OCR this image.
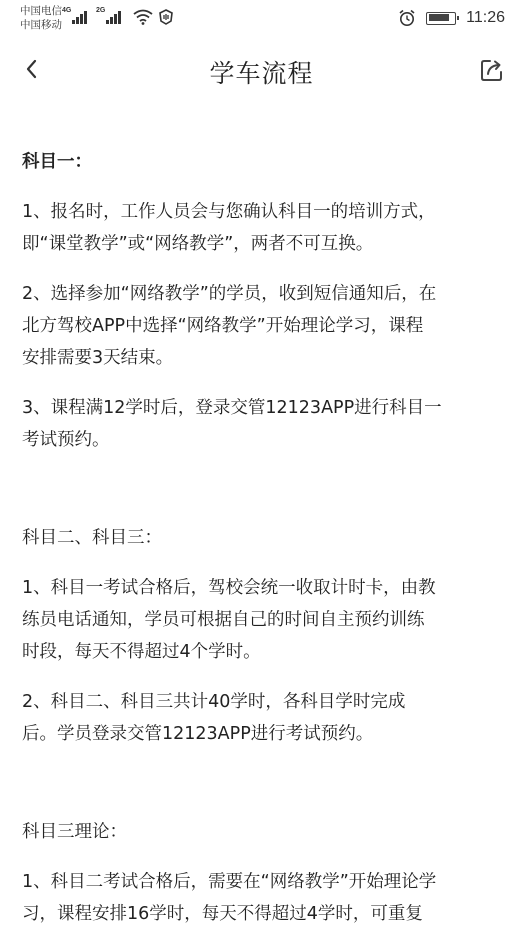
中国电信
中国移动
4G	2G	11:26
学车流程

科目一：

1、报名时，工作人员会与您确认科目一的培训方式，

即“课堂教学”或“网络教学”，两者不可互换。

2、选择参加“网络教学”的学员，收到短信通知后，在

北方驾校APP中选择“网络教学”开始理论学习，课程

安排需要3天结束。

3、课程满12学时后，登录交管12123APP进行科目一

考试预约。

科目二、科目三：

1、科目一考试合格后，驾校会统一收取计时卡，由教

练员电话通知，学员可根据自己的时间自主预约训练

时段，每天不得超过4个学时。

2、科目二、科目三共计40学时，各科目学时完成

后。学员登录交管12123APP进行考试预约。

科目三理论：

1、科目二考试合格后，需要在“网络教学”开始理论学

习，课程安排16学时，每天不得超过4学时，可重复
